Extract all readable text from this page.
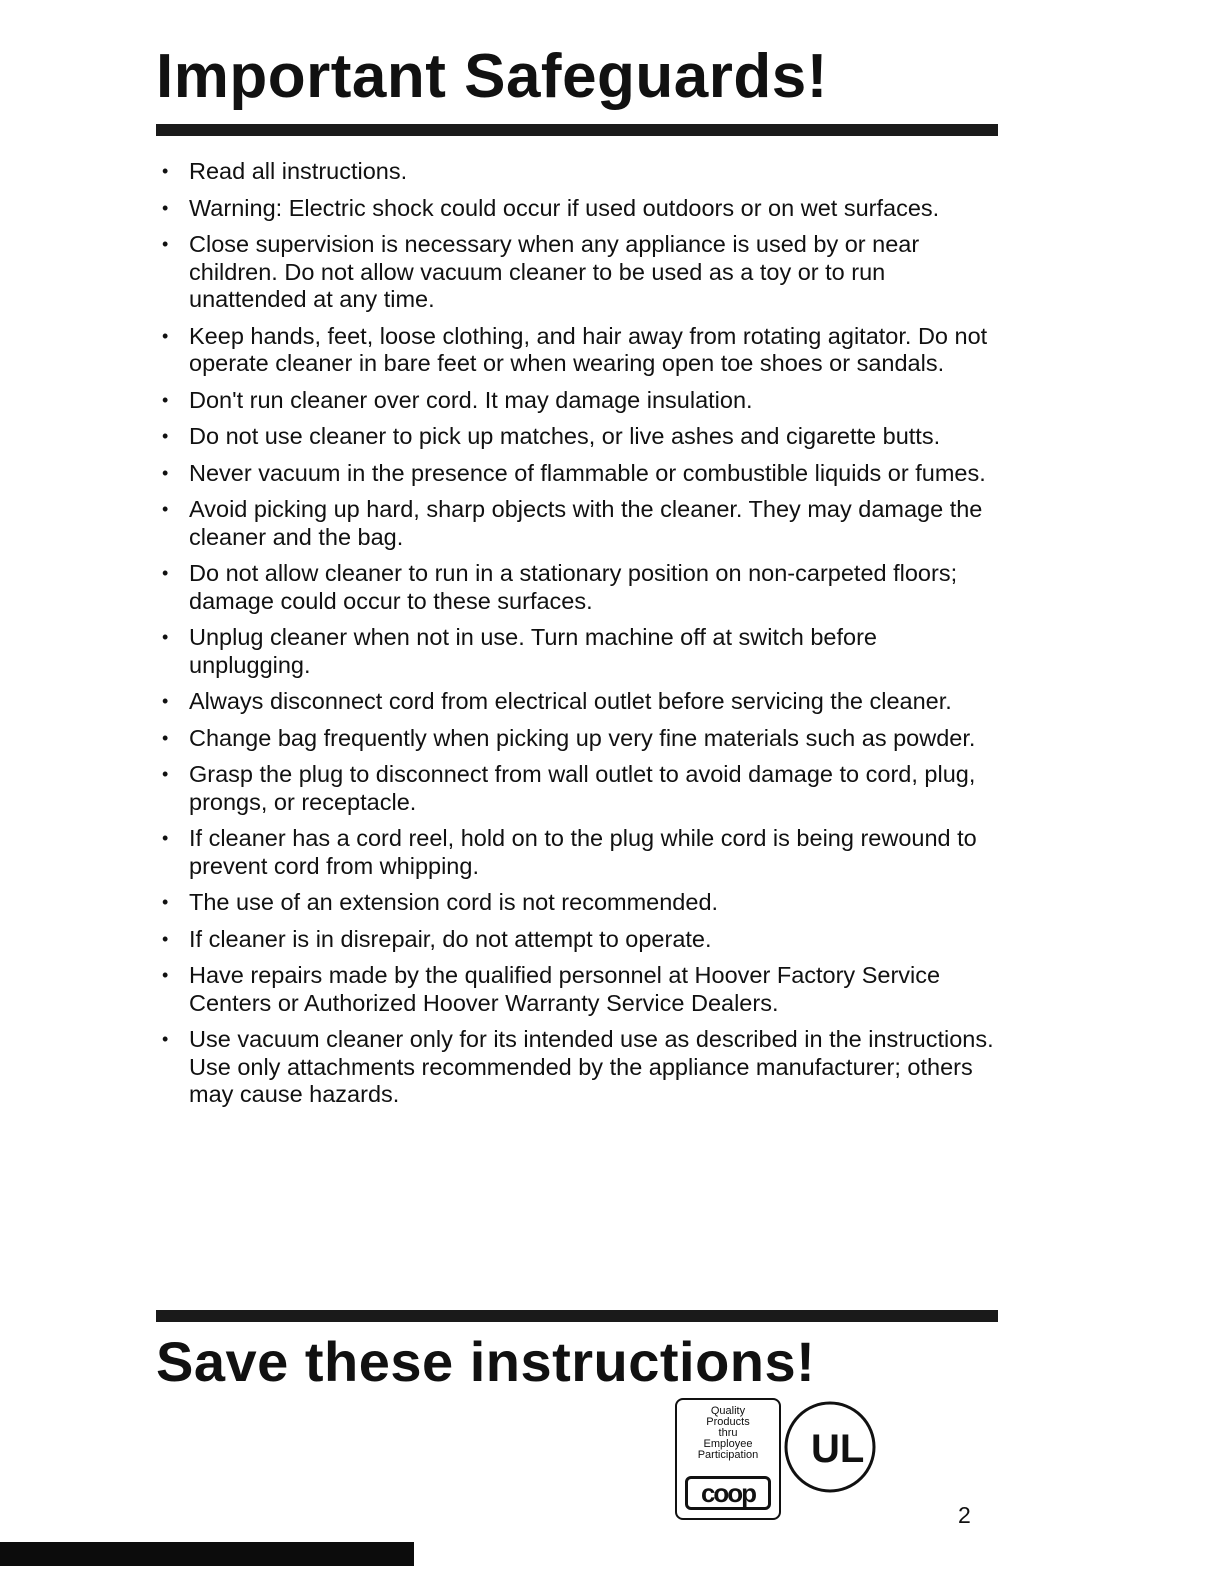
Important Safeguards!
• Read all instructions.
• Warning: Electric shock could occur if used outdoors or on wet surfaces.
• Close supervision is necessary when any appliance is used by or near children. Do not allow vacuum cleaner to be used as a toy or to run unattended at any time.
• Keep hands, feet, loose clothing, and hair away from rotating agitator. Do not operate cleaner in bare feet or when wearing open toe shoes or sandals.
• Don't run cleaner over cord. It may damage insulation.
• Do not use cleaner to pick up matches, or live ashes and cigarette butts.
• Never vacuum in the presence of flammable or combustible liquids or fumes.
• Avoid picking up hard, sharp objects with the cleaner. They may damage the cleaner and the bag.
• Do not allow cleaner to run in a stationary position on non-carpeted floors; damage could occur to these surfaces.
• Unplug cleaner when not in use. Turn machine off at switch before unplugging.
• Always disconnect cord from electrical outlet before servicing the cleaner.
• Change bag frequently when picking up very fine materials such as powder.
• Grasp the plug to disconnect from wall outlet to avoid damage to cord, plug, prongs, or receptacle.
• If cleaner has a cord reel, hold on to the plug while cord is being rewound to prevent cord from whipping.
• The use of an extension cord is not recommended.
• If cleaner is in disrepair, do not attempt to operate.
• Have repairs made by the qualified personnel at Hoover Factory Service Centers or Authorized Hoover Warranty Service Dealers.
• Use vacuum cleaner only for its intended use as described in the instructions. Use only attachments recommended by the appliance manufacturer; others may cause hazards.
Save these instructions!
Quality
Products
thru
Employee
Participation
coop
UL
2
